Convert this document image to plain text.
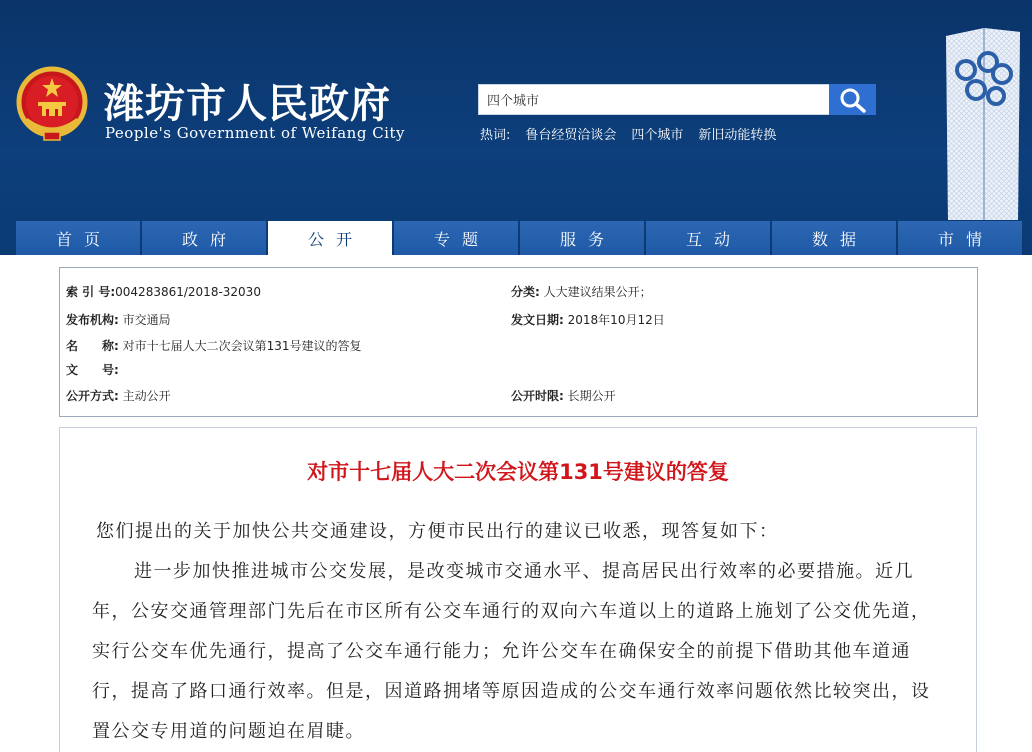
潍坊市人民政府
People's Government of Weifang City
四个城市	热词: 鲁台经贸洽谈会 四个城市 新旧动能转换
首页	政府	公开	专题	服务	互动	数据	市情
索 引 号:004283861/2018-32030	分类: 人大建议结果公开；
发布机构: 市交通局	发文日期: 2018年10月12日
名　　称: 对市十七届人大二次会议第131号建议的答复
文　　号:
公开方式: 主动公开	公开时限: 长期公开
对市十七届人大二次会议第131号建议的答复

您们提出的关于加快公共交通建设，方便市民出行的建议已收悉，现答复如下：

进一步加快推进城市公交发展，是改变城市交通水平、提高居民出行效率的必要措施。近几年，公安交通管理部门先后在市区所有公交车通行的双向六车道以上的道路上施划了公交优先道，实行公交车优先通行，提高了公交车通行能力；允许公交车在确保安全的前提下借助其他车道通行，提高了路口通行效率。但是，因道路拥堵等原因造成的公交车通行效率问题依然比较突出，设置公交专用道的问题迫在眉睫。
